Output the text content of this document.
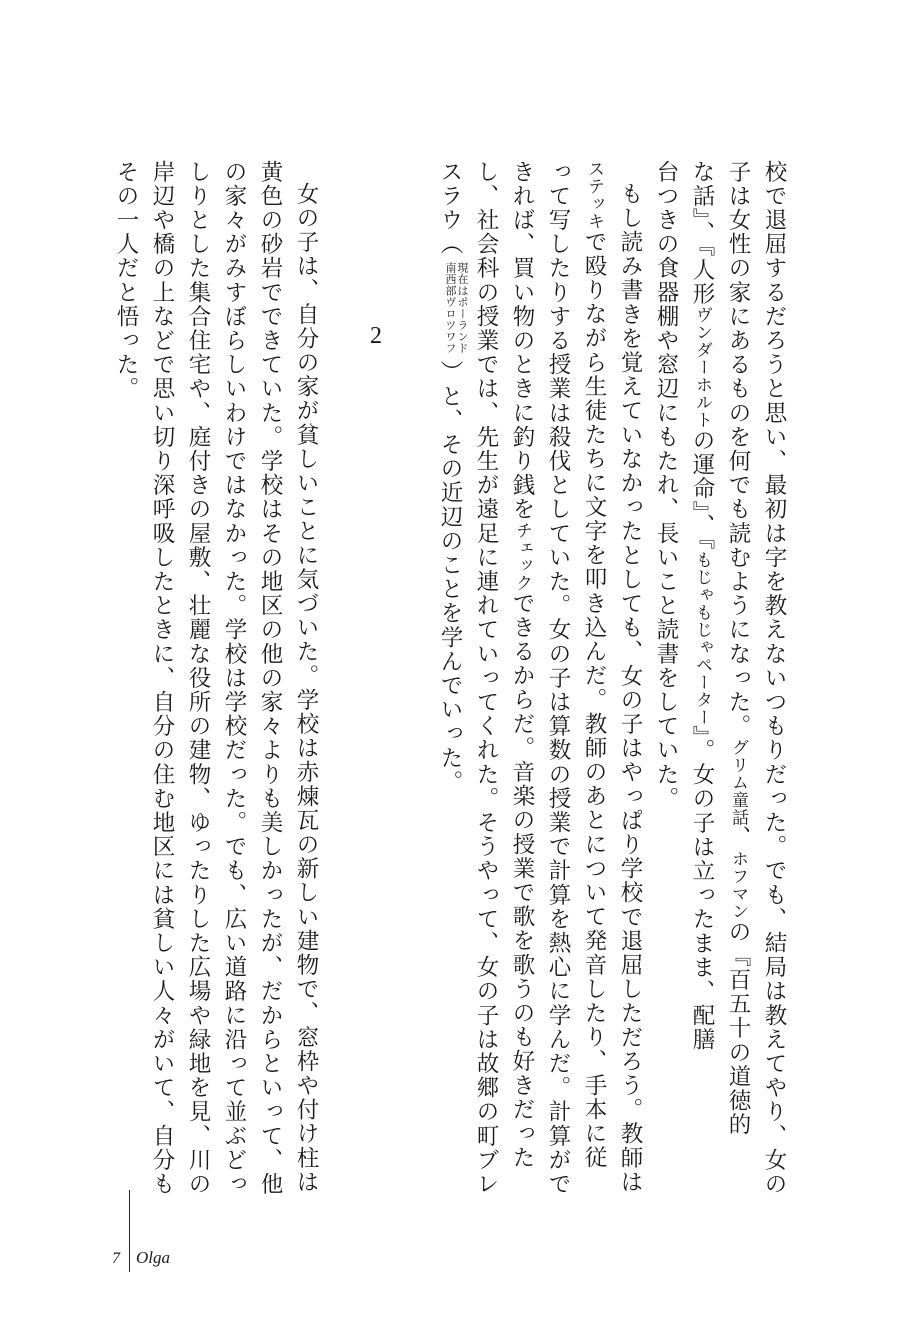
校で退屈するだろうと思い、最初は字を教えないつもりだった。でも、結局は教えてやり、女の
子は女性の家にあるものを何でも読むようになった。グリム童話、ホフマンの『百五十の道徳的
な話』、『人形ヴンダーホルトの運命』、『もじゃもじゃペーター』。女の子は立ったまま、配膳
台つきの食器棚や窓辺にもたれ、長いこと読書をしていた。
もし読み書きを覚えていなかったとしても、女の子はやっぱり学校で退屈しただろう。教師は
ステッキで殴りながら生徒たちに文字を叩き込んだ。教師のあとについて発音したり、手本に従
って写したりする授業は殺伐としていた。女の子は算数の授業で計算を熱心に学んだ。計算がで
きれば、買い物のときに釣り銭をチェックできるからだ。音楽の授業で歌を歌うのも好きだった
し、社会科の授業では、先生が遠足に連れていってくれた。そうやって、女の子は故郷の町ブレ
スラウ（現在はポーランド
南西部ヴロツワフ）と、その近辺のことを学んでいった。
2
女の子は、自分の家が貧しいことに気づいた。学校は赤煉瓦の新しい建物で、窓枠や付け柱は
黄色の砂岩でできていた。学校はその地区の他の家々よりも美しかったが、だからといって、他
の家々がみすぼらしいわけではなかった。学校は学校だった。でも、広い道路に沿って並ぶどっ
しりとした集合住宅や、庭付きの屋敷、壮麗な役所の建物、ゆったりした広場や緑地を見、川の
岸辺や橋の上などで思い切り深呼吸したときに、自分の住む地区には貧しい人々がいて、自分も
その一人だと悟った。
7 Olga
